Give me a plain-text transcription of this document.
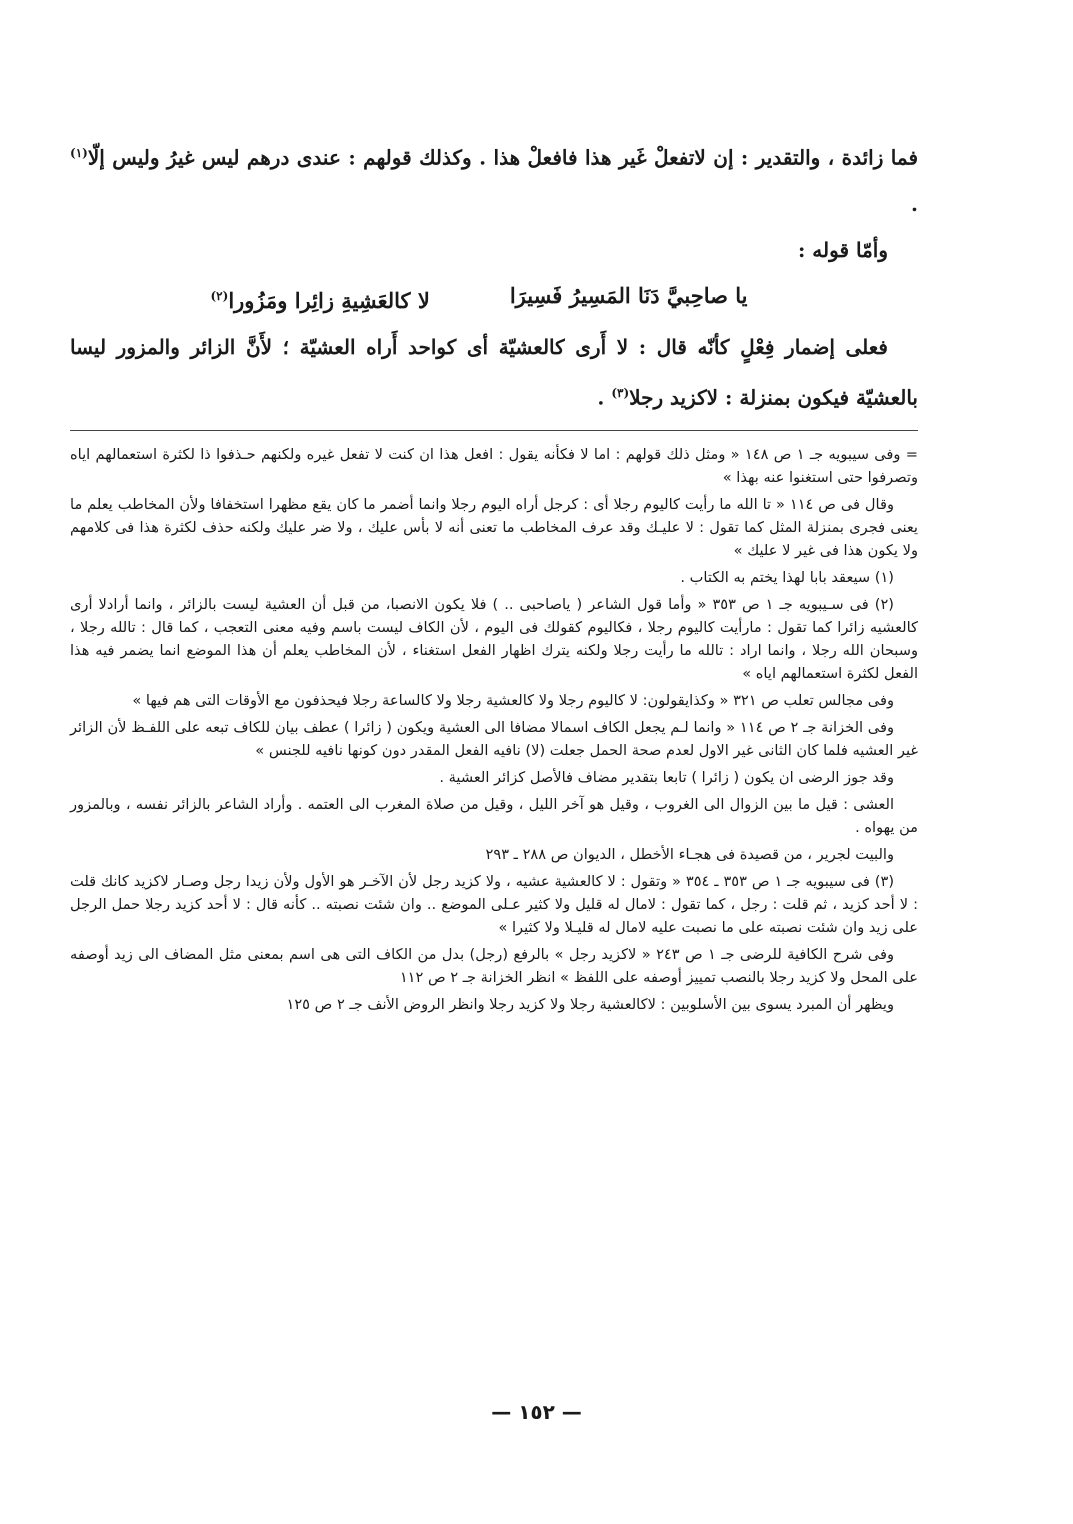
فما زائدة ، والتقدير : إن لاتفعلْ غَير هذا فافعلْ هذا . وكذلك قولهم : عندى درهم ليس غيرُ وليس إلّا$^{(١)}$ .

وأمّا قوله :

يا صاحِبيَّ دَنَا المَسِيرُ فَسِيرَا
لا كالعَشِيةِ زائِرا ومَزُورا$^{(٢)}$

فعلى إضمار فِعْلٍ كأنّه قال : لا أَرى كالعشيّة أى كواحد أَراه العشيّة ؛ لأَنَّ الزائر والمزور ليسا بالعشيّة فيكون بمنزلة : لاكزيد رجلا$^{(٣)}$ .

= وفى سيبويه جـ ١ ص ١٤٨ « ومثل ذلك قولهم : اما لا فكأنه يقول : افعل هذا ان كنت لا تفعل غيره ولكنهم حـذفوا ذا لكثرة استعمالهم اياه وتصرفوا حتى استغنوا عنه بهذا »

وقال فى ص ١١٤ « تا الله ما رأيت كاليوم رجلا أى : كرجل أراه اليوم رجلا وانما أضمر ما كان يقع مظهرا استخفافا ولأن المخاطب يعلم ما يعنى فجرى بمنزلة المثل كما تقول : لا عليـك وقد عرف المخاطب ما تعنى أنه لا بأس عليك ، ولا ضر عليك ولكنه حذف لكثرة هذا فى كلامهم ولا يكون هذا فى غير لا عليك »

(١) سيعقد بابا لهذا يختم به الكتاب .

(٢) فى سـيبويه جـ ١ ص ٣٥٣ « وأما قول الشاعر ( ياصاحبى .. ) فلا يكون الانصبا، من قبل أن العشية ليست بالزائر ، وانما أرادلا أرى كالعشيه زائرا كما تقول : مارأيت كاليوم رجلا ، فكاليوم كقولك فى اليوم ، لأن الكاف ليست باسم وفيه معنى التعجب ، كما قال : تالله رجلا ، وسبحان الله رجلا ، وانما اراد : تالله ما رأيت رجلا ولكنه يترك اظهار الفعل استغناء ، لأن المخاطب يعلم أن هذا الموضع انما يضمر فيه هذا الفعل لكثرة استعمالهم اياه »

وفى مجالس تعلب ص ٣٢١ « وكذايقولون: لا كاليوم رجلا ولا كالعشية رجلا ولا كالساعة رجلا فيحذفون مع الأوقات التى هم فيها »

وفى الخزانة جـ ٢ ص ١١٤ « وانما لـم يجعل الكاف اسمالا مضافا الى العشية ويكون ( زائرا ) عطف بيان للكاف تبعه على اللفـظ لأن الزائر غير العشيه فلما كان الثانى غير الاول لعدم صحة الحمل جعلت (لا) نافيه الفعل المقدر دون كونها نافيه للجنس »

وقد جوز الرضى ان يكون ( زائرا ) تابعا بتقدير مضاف فالأصل كزائر العشية .

العشى : قيل ما بين الزوال الى الغروب ، وقيل هو آخر الليل ، وقيل من صلاة المغرب الى العتمه . وأراد الشاعر بالزائر نفسه ، وبالمزور من يهواه .

والبيت لجرير ، من قصيدة فى هجـاء الأخطل ، الديوان ص ٢٨٨ ـ ٢٩٣

(٣) فى سيبويه جـ ١ ص ٣٥٣ ـ ٣٥٤ « وتقول : لا كالعشية عشيه ، ولا كزيد رجل لأن الآخـر هو الأول ولأن زيدا رجل وصـار لاكزيد كانك قلت : لا أحد كزيد ، ثم قلت : رجل ، كما تقول : لامال له قليل ولا كثير عـلى الموضع .. وان شئت نصبته .. كأنه قال : لا أحد كزيد رجلا حمل الرجل على زيد وان شئت نصبته على ما نصبت عليه لامال له قليـلا ولا كثيرا »

وفى شرح الكافية للرضى جـ ١ ص ٢٤٣ « لاكزيد رجل » بالرفع (رجل) بدل من الكاف التى هى اسم بمعنى مثل المضاف الى زيد أوصفه على المحل ولا كزيد رجلا بالنصب تمييز أوصفه على اللفظ » انظر الخزانة جـ ٢ ص ١١٢

ويظهر أن المبرد يسوى بين الأسلوبين : لاكالعشية رجلا ولا كزيد رجلا وانظر الروض الأنف جـ ٢ ص ١٢٥

— ١٥٢ —
